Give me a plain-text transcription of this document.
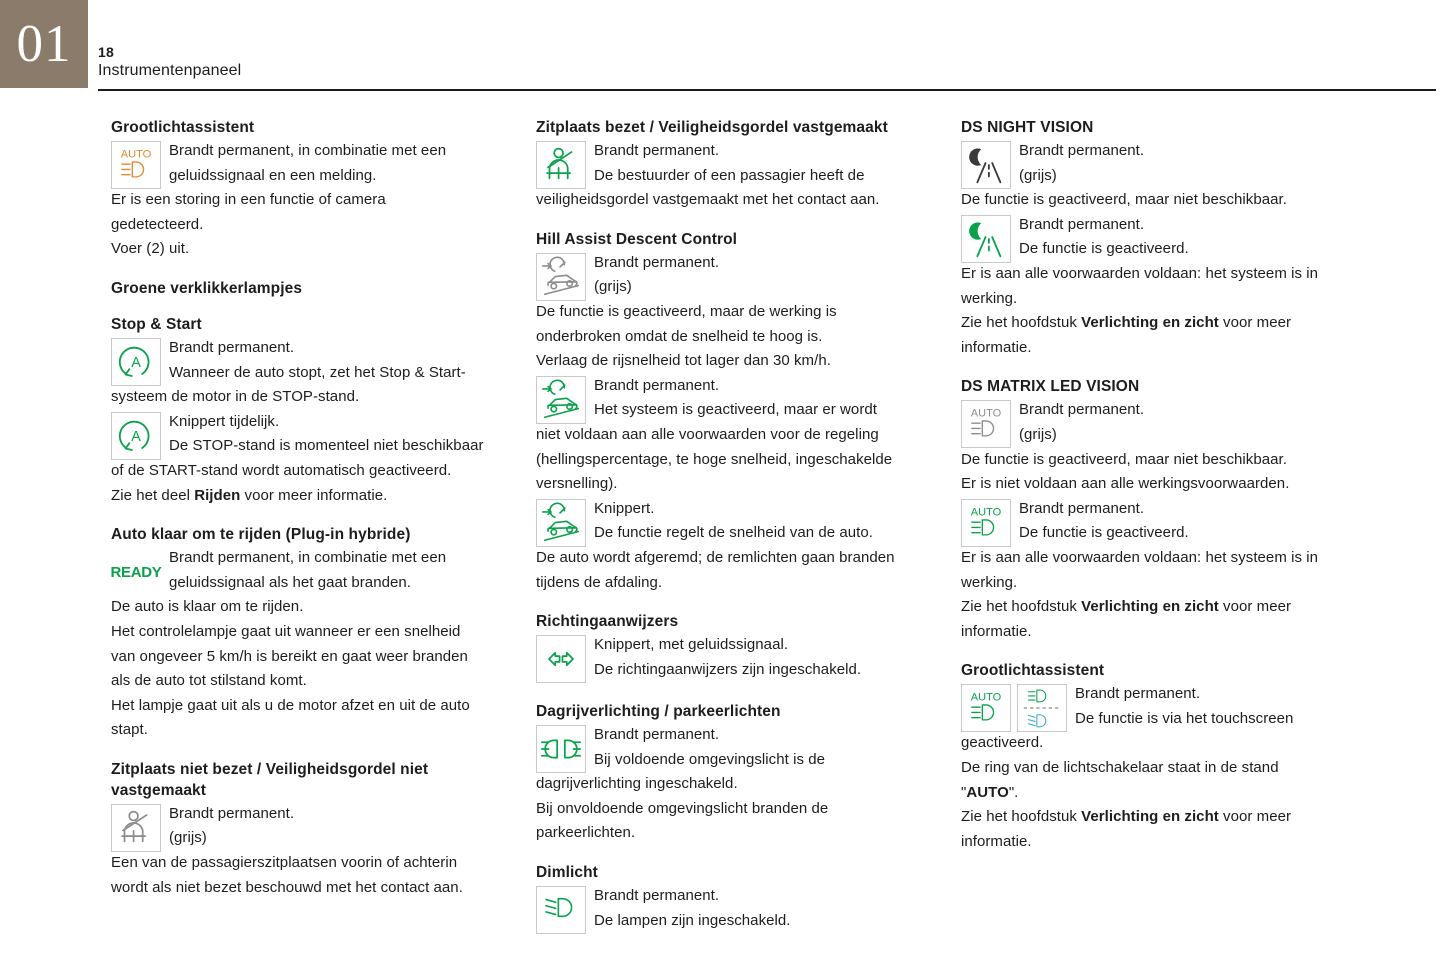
01 18
Instrumentenpaneel
Grootlichtassistent
AUTO Brandt permanent, in combinatie met een
geluidssignaal en een melding.
Er is een storing in een functie of camera
gedetecteerd.
Voer (2) uit.
Groene verklikkerlampjes
Stop & Start
A
Brandt permanent.
Wanneer de auto stopt, zet het Stop & Start-
systeem de motor in de STOP-stand.
A
Knippert tijdelijk.
De STOP-stand is momenteel niet beschikbaar
of de START-stand wordt automatisch geactiveerd.
Zie het deel Rijden voor meer informatie.
Auto klaar om te rijden (Plug-in hybride)
READY
Brandt permanent, in combinatie met een
geluidssignaal als het gaat branden.
De auto is klaar om te rijden.
Het controlelampje gaat uit wanneer er een snelheid
van ongeveer 5 km/h is bereikt en gaat weer branden
als de auto tot stilstand komt.
Het lampje gaat uit als u de motor afzet en uit de auto
stapt.
Zitplaats niet bezet / Veiligheidsgordel niet
vastgemaakt
Brandt permanent.
(grijs)
Een van de passagierszitplaatsen voorin of achterin
wordt als niet bezet beschouwd met het contact aan.
Zitplaats bezet / Veiligheidsgordel vastgemaakt
Brandt permanent.
De bestuurder of een passagier heeft de
veiligheidsgordel vastgemaakt met het contact aan.
Hill Assist Descent Control
Brandt permanent.
(grijs)
De functie is geactiveerd, maar de werking is
onderbroken omdat de snelheid te hoog is.
Verlaag de rijsnelheid tot lager dan 30 km/h.
Brandt permanent.
Het systeem is geactiveerd, maar er wordt
niet voldaan aan alle voorwaarden voor de regeling
(hellingspercentage, te hoge snelheid, ingeschakelde
versnelling).
Knippert.
De functie regelt de snelheid van de auto.
De auto wordt afgeremd; de remlichten gaan branden
tijdens de afdaling.
Richtingaanwijzers
Knippert, met geluidssignaal.
De richtingaanwijzers zijn ingeschakeld.
Dagrijverlichting / parkeerlichten
Brandt permanent.
Bij voldoende omgevingslicht is de
dagrijverlichting ingeschakeld.
Bij onvoldoende omgevingslicht branden de
parkeerlichten.
Dimlicht
Brandt permanent.
De lampen zijn ingeschakeld.
DS NIGHT VISION
Brandt permanent.
(grijs)
De functie is geactiveerd, maar niet beschikbaar.
Brandt permanent.
De functie is geactiveerd.
Er is aan alle voorwaarden voldaan: het systeem is in
werking.
Zie het hoofdstuk Verlichting en zicht voor meer
informatie.
DS MATRIX LED VISION
AUTO Brandt permanent.
(grijs)
De functie is geactiveerd, maar niet beschikbaar.
Er is niet voldaan aan alle werkingsvoorwaarden.
AUTO Brandt permanent.
De functie is geactiveerd.
Er is aan alle voorwaarden voldaan: het systeem is in
werking.
Zie het hoofdstuk Verlichting en zicht voor meer
informatie.
Grootlichtassistent
AUTO	Brandt permanent.
De functie is via het touchscreen
geactiveerd.
De ring van de lichtschakelaar staat in de stand
"AUTO".
Zie het hoofdstuk Verlichting en zicht voor meer
informatie.
